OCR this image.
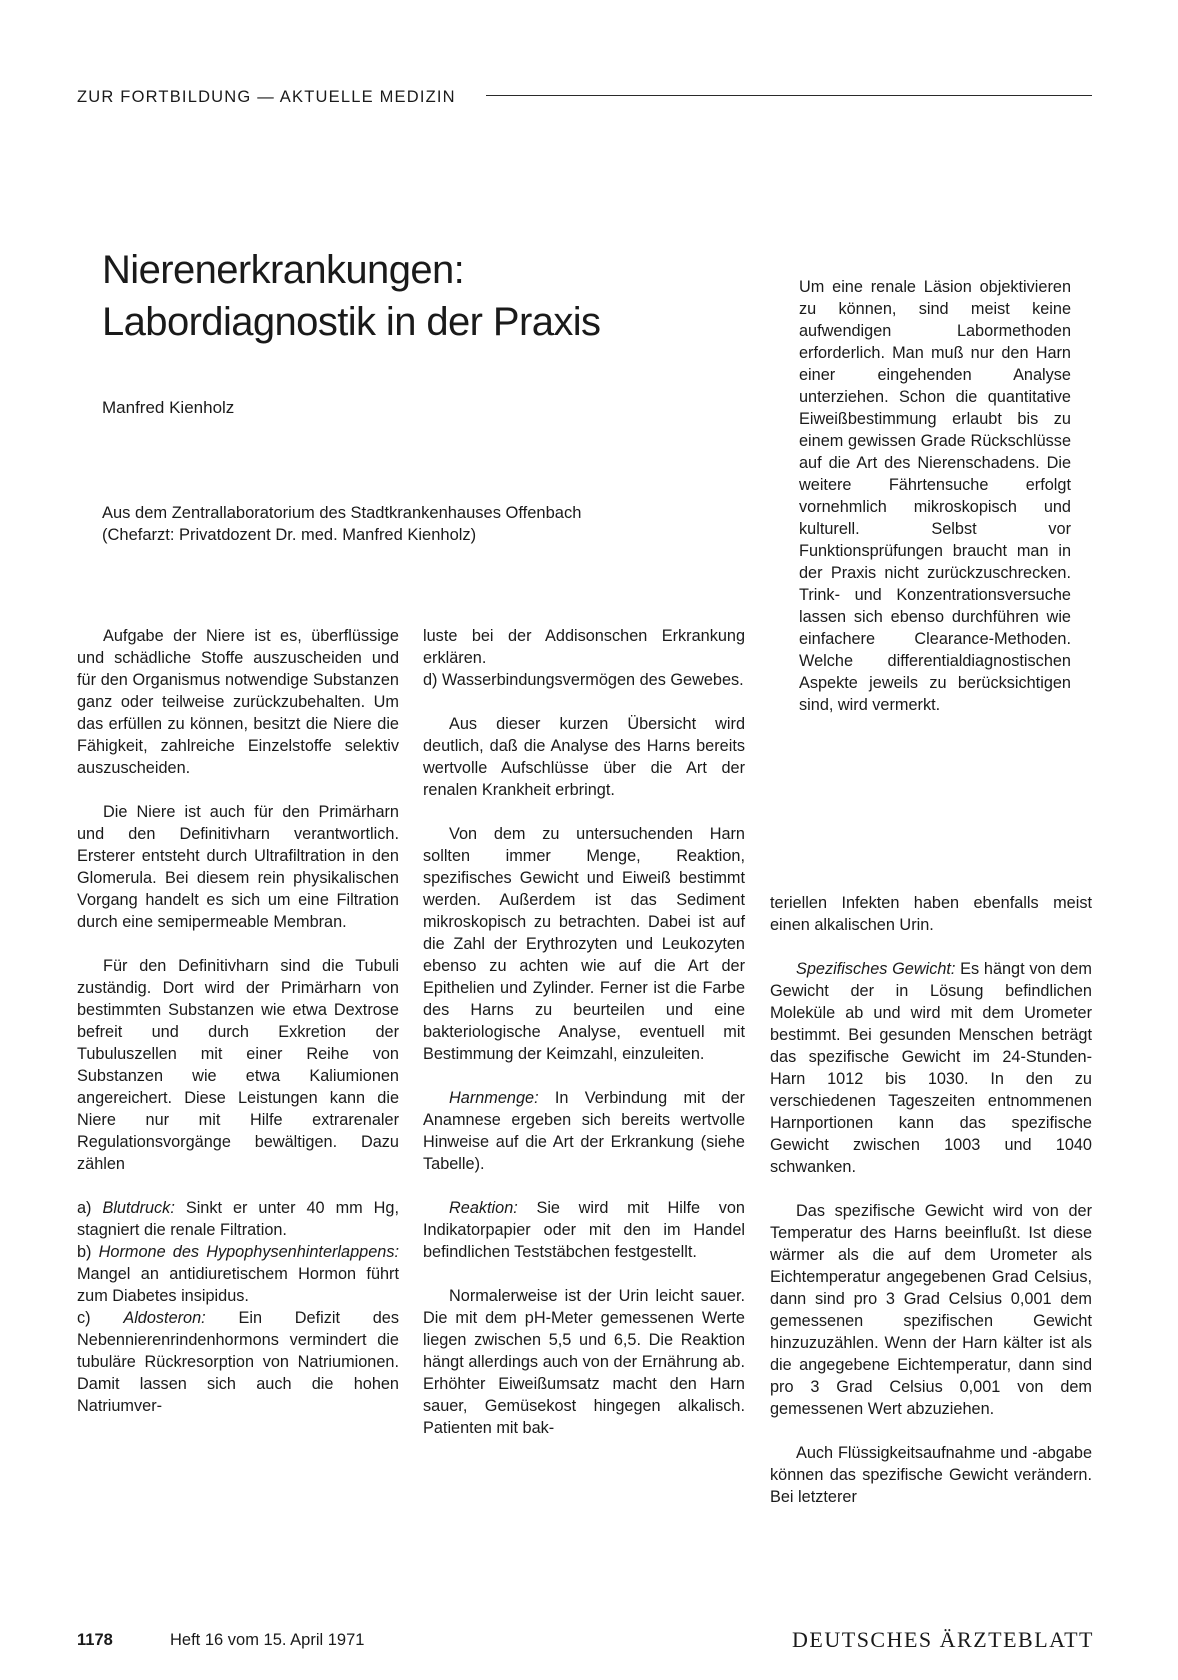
ZUR FORTBILDUNG — AKTUELLE MEDIZIN
Nierenerkrankungen:
Labordiagnostik in der Praxis
Manfred Kienholz
Aus dem Zentrallaboratorium des Stadtkrankenhauses Offenbach
(Chefarzt: Privatdozent Dr. med. Manfred Kienholz)

Aufgabe der Niere ist es, überflüssige und schädliche Stoffe auszuscheiden und für den Organismus notwendige Substanzen ganz oder teilweise zurückzubehalten. Um das erfüllen zu können, besitzt die Niere die Fähigkeit, zahlreiche Einzelstoffe selektiv auszuscheiden.

Die Niere ist auch für den Primärharn und den Definitivharn verantwortlich. Ersterer entsteht durch Ultrafiltration in den Glomerula. Bei diesem rein physikalischen Vorgang handelt es sich um eine Filtration durch eine semipermeable Membran.

Für den Definitivharn sind die Tubuli zuständig. Dort wird der Primärharn von bestimmten Substanzen wie etwa Dextrose befreit und durch Exkretion der Tubuluszellen mit einer Reihe von Substanzen wie etwa Kaliumionen angereichert. Diese Leistungen kann die Niere nur mit Hilfe extrarenaler Regulationsvorgänge bewältigen. Dazu zählen

a) Blutdruck: Sinkt er unter 40 mm Hg, stagniert die renale Filtration.

b) Hormone des Hypophysenhinterlappens: Mangel an antidiuretischem Hormon führt zum Diabetes insipidus.

c) Aldosteron: Ein Defizit des Nebennierenrindenhormons vermindert die tubuläre Rückresorption von Natriumionen. Damit lassen sich auch die hohen Natriumver-

luste bei der Addisonschen Erkrankung erklären.

d) Wasserbindungsvermögen des Gewebes.

Aus dieser kurzen Übersicht wird deutlich, daß die Analyse des Harns bereits wertvolle Aufschlüsse über die Art der renalen Krankheit erbringt.

Von dem zu untersuchenden Harn sollten immer Menge, Reaktion, spezifisches Gewicht und Eiweiß bestimmt werden. Außerdem ist das Sediment mikroskopisch zu betrachten. Dabei ist auf die Zahl der Erythrozyten und Leukozyten ebenso zu achten wie auf die Art der Epithelien und Zylinder. Ferner ist die Farbe des Harns zu beurteilen und eine bakteriologische Analyse, eventuell mit Bestimmung der Keimzahl, einzuleiten.

Harnmenge: In Verbindung mit der Anamnese ergeben sich bereits wertvolle Hinweise auf die Art der Erkrankung (siehe Tabelle).

Reaktion: Sie wird mit Hilfe von Indikatorpapier oder mit den im Handel befindlichen Teststäbchen festgestellt.

Normalerweise ist der Urin leicht sauer. Die mit dem pH-Meter gemessenen Werte liegen zwischen 5,5 und 6,5. Die Reaktion hängt allerdings auch von der Ernährung ab. Erhöhter Eiweißumsatz macht den Harn sauer, Gemüsekost hingegen alkalisch. Patienten mit bak-

Um eine renale Läsion objektivieren zu können, sind meist keine aufwendigen Labormethoden erforderlich. Man muß nur den Harn einer eingehenden Analyse unterziehen. Schon die quantitative Eiweißbestimmung erlaubt bis zu einem gewissen Grade Rückschlüsse auf die Art des Nierenschadens. Die weitere Fährtensuche erfolgt vornehmlich mikroskopisch und kulturell. Selbst vor Funktionsprüfungen braucht man in der Praxis nicht zurückzuschrecken. Trink- und Konzentrationsversuche lassen sich ebenso durchführen wie einfachere Clearance-Methoden. Welche differentialdiagnostischen Aspekte jeweils zu berücksichtigen sind, wird vermerkt.

teriellen Infekten haben ebenfalls meist einen alkalischen Urin.

Spezifisches Gewicht: Es hängt von dem Gewicht der in Lösung befindlichen Moleküle ab und wird mit dem Urometer bestimmt. Bei gesunden Menschen beträgt das spezifische Gewicht im 24-Stunden-Harn 1012 bis 1030. In den zu verschiedenen Tageszeiten entnommenen Harnportionen kann das spezifische Gewicht zwischen 1003 und 1040 schwanken.

Das spezifische Gewicht wird von der Temperatur des Harns beeinflußt. Ist diese wärmer als die auf dem Urometer als Eichtemperatur angegebenen Grad Celsius, dann sind pro 3 Grad Celsius 0,001 dem gemessenen spezifischen Gewicht hinzuzuzählen. Wenn der Harn kälter ist als die angegebene Eichtemperatur, dann sind pro 3 Grad Celsius 0,001 von dem gemessenen Wert abzuziehen.

Auch Flüssigkeitsaufnahme und -abgabe können das spezifische Gewicht verändern. Bei letzterer

1178	Heft 16 vom 15. April 1971	DEUTSCHES ÄRZTEBLATT
